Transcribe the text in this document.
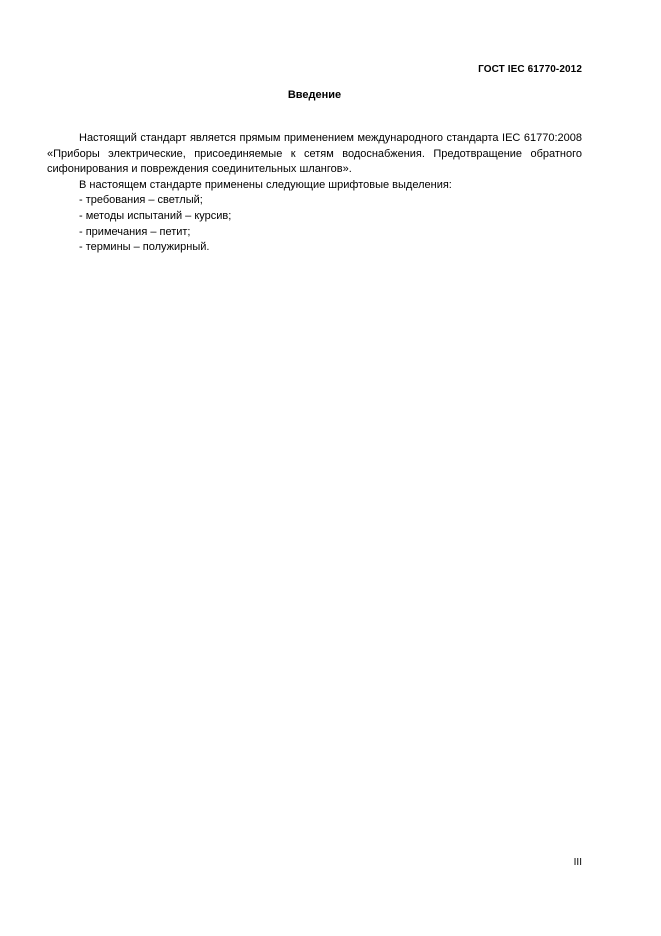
ГОСТ IEC 61770-2012
Введение

Настоящий стандарт является прямым применением международного стандарта IEC 61770:2008 «Приборы электрические, присоединяемые к сетям водоснабжения. Предотвращение обратного сифонирования и повреждения соединительных шлангов».

В настоящем стандарте применены следующие шрифтовые выделения:

- требования – светлый;
- методы испытаний – курсив;
- примечания – петит;
- термины – полужирный.
III
